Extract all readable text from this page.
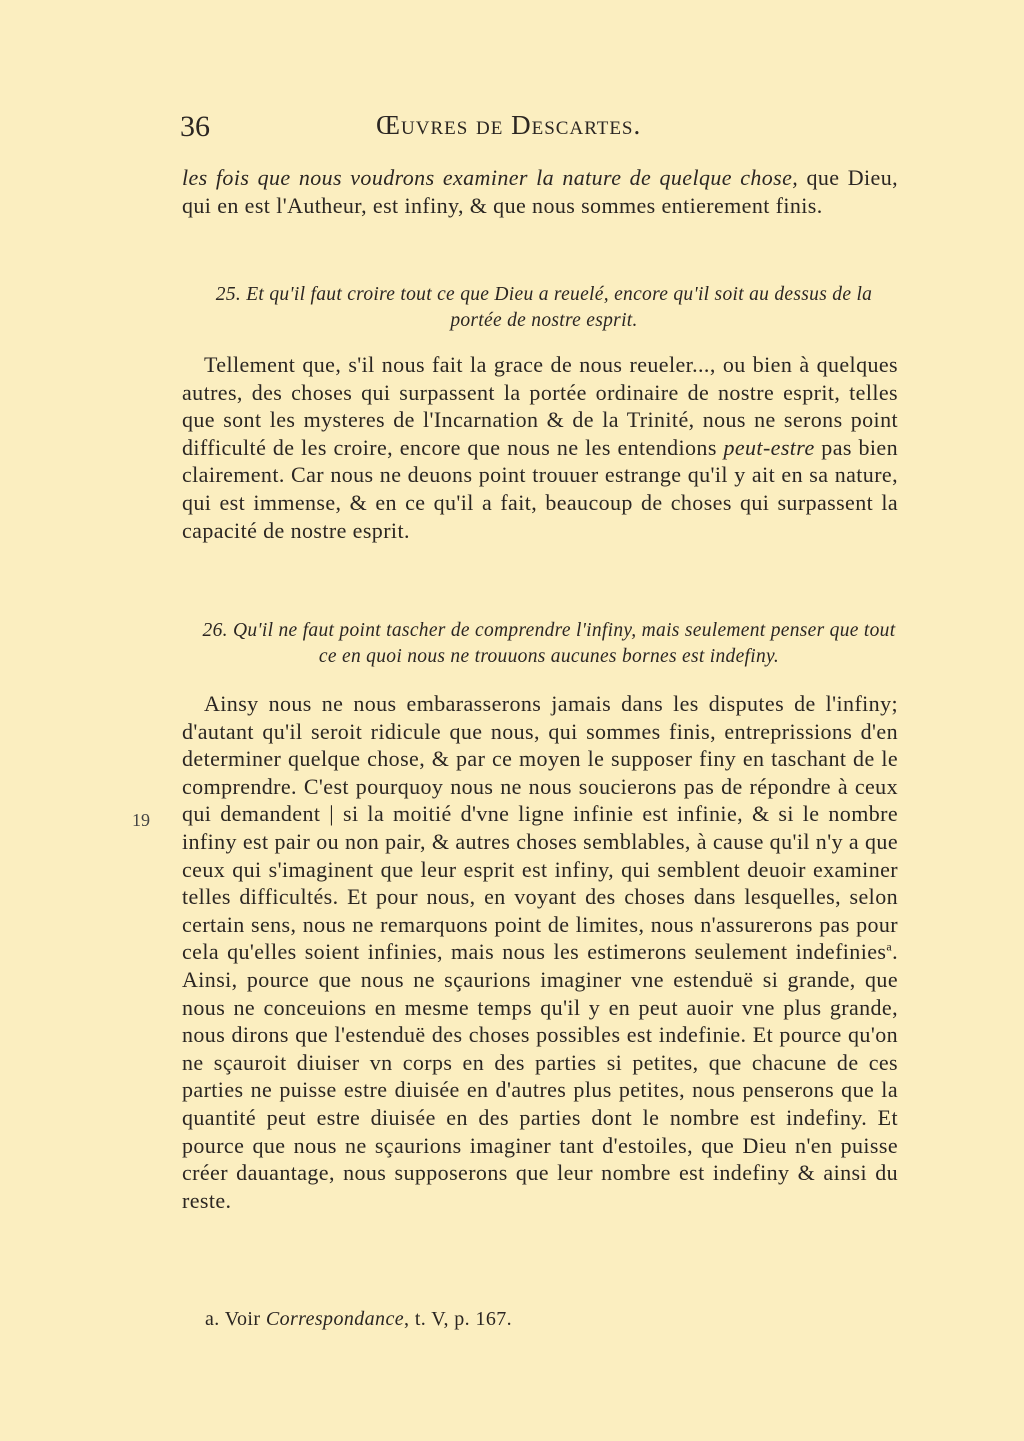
36	Œuvres de Descartes.
les fois que nous voudrons examiner la nature de quelque chose, que Dieu, qui en est l'Autheur, est infiny, & que nous sommes entierement finis.
25. Et qu'il faut croire tout ce que Dieu a reuelé, encore qu'il soit au dessus de la portée de nostre esprit.
Tellement que, s'il nous fait la grace de nous reueler..., ou bien à quelques autres, des choses qui surpassent la portée ordinaire de nostre esprit, telles que sont les mysteres de l'Incarnation & de la Trinité, nous ne serons point difficulté de les croire, encore que nous ne les entendions peut-estre pas bien clairement. Car nous ne deuons point trouuer estrange qu'il y ait en sa nature, qui est immense, & en ce qu'il a fait, beaucoup de choses qui surpassent la capacité de nostre esprit.
26. Qu'il ne faut point tascher de comprendre l'infiny, mais seulement penser que tout ce en quoi nous ne trouuons aucunes bornes est indefiny.
19
Ainsy nous ne nous embarasserons jamais dans les disputes de l'infiny; d'autant qu'il seroit ridicule que nous, qui sommes finis, entreprissions d'en determiner quelque chose, & par ce moyen le supposer finy en taschant de le comprendre. C'est pourquoy nous ne nous soucierons pas de répondre à ceux qui demandent | si la moitié d'vne ligne infinie est infinie, & si le nombre infiny est pair ou non pair, & autres choses semblables, à cause qu'il n'y a que ceux qui s'imaginent que leur esprit est infiny, qui semblent deuoir examiner telles difficultés. Et pour nous, en voyant des choses dans lesquelles, selon certain sens, nous ne remarquons point de limites, nous n'assurerons pas pour cela qu'elles soient infinies, mais nous les estimerons seulement indefinies$^a$. Ainsi, pource que nous ne sçaurions imaginer vne estenduë si grande, que nous ne conceuions en mesme temps qu'il y en peut auoir vne plus grande, nous dirons que l'estenduë des choses possibles est indefinie. Et pource qu'on ne sçauroit diuiser vn corps en des parties si petites, que chacune de ces parties ne puisse estre diuisée en d'autres plus petites, nous penserons que la quantité peut estre diuisée en des parties dont le nombre est indefiny. Et pource que nous ne sçaurions imaginer tant d'estoiles, que Dieu n'en puisse créer dauantage, nous supposerons que leur nombre est indefiny & ainsi du reste.
a. Voir Correspondance, t. V, p. 167.
